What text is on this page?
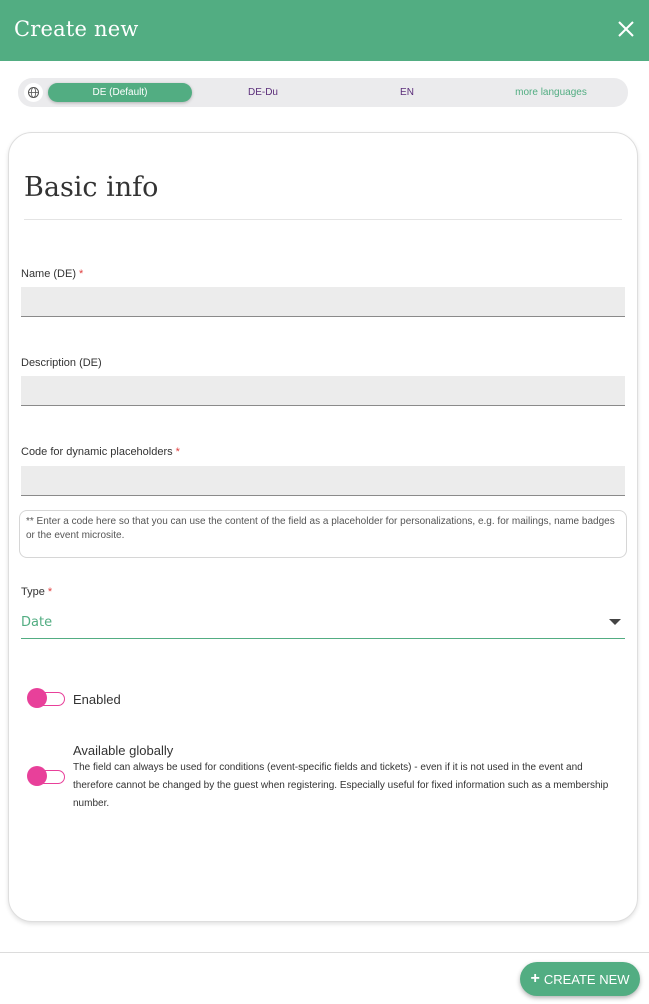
Create new
DE (Default)	DE-Du	EN	more languages
Basic info
Name (DE) *
Description (DE)
Code for dynamic placeholders *
** Enter a code here so that you can use the content of the field as a placeholder for personalizations, e.g. for mailings, name badges or the event microsite.
Type *
Date
Enabled
Available globally
The field can always be used for conditions (event-specific fields and tickets) - even if it is not used in the event and therefore cannot be changed by the guest when registering. Especially useful for fixed information such as a membership number.
+ CREATE NEW
